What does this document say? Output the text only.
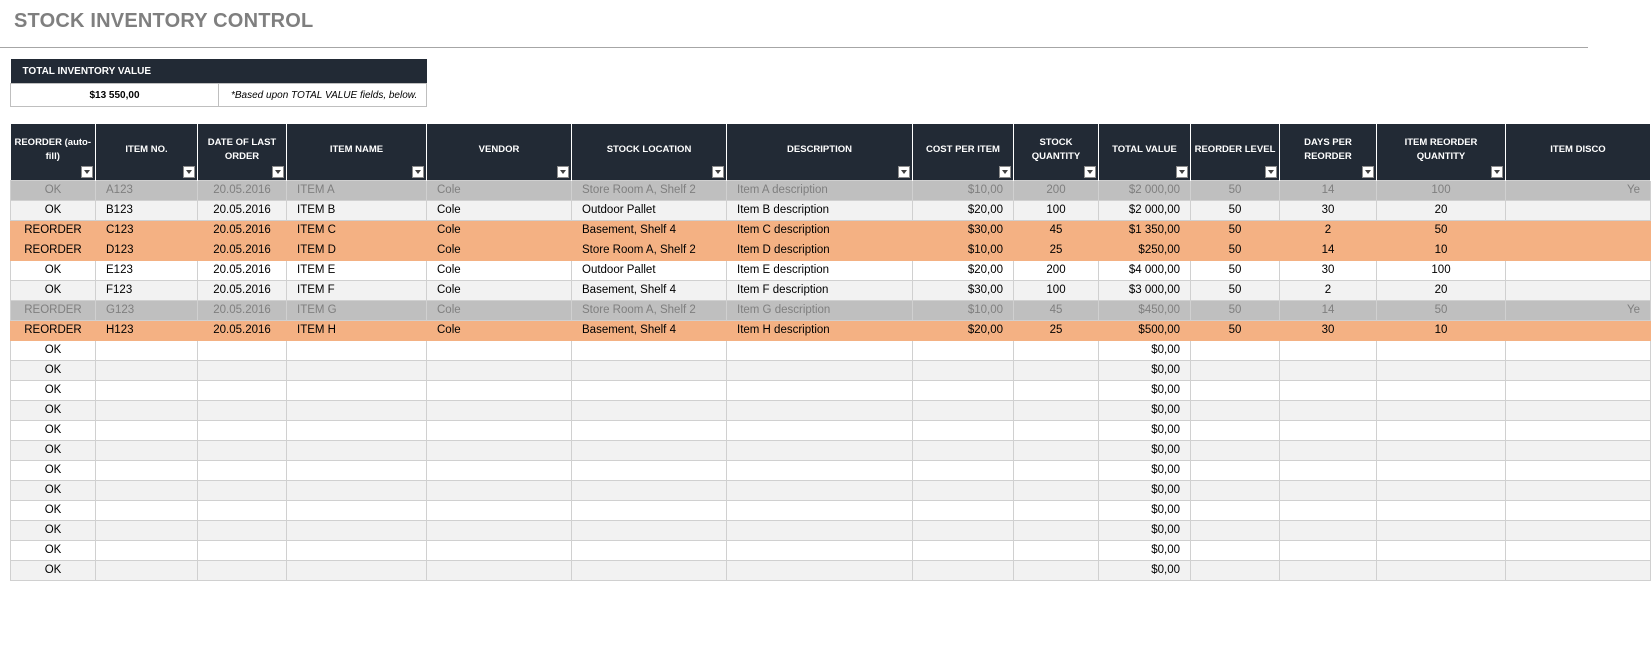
STOCK INVENTORY CONTROL
TOTAL INVENTORY VALUE
$13 550,00	*Based upon TOTAL VALUE fields, below.
REORDER (auto-fill)	ITEM NO.	DATE OF LAST ORDER	ITEM NAME	VENDOR	STOCK LOCATION	DESCRIPTION	COST PER ITEM	STOCK QUANTITY	TOTAL VALUE	REORDER LEVEL	DAYS PER REORDER	ITEM REORDER QUANTITY	ITEM DISCO

OK	A123	20.05.2016	ITEM A	Cole	Store Room A, Shelf 2	Item A description	$10,00	200	$2 000,00	50	14	100	Ye
OK	B123	20.05.2016	ITEM B	Cole	Outdoor Pallet	Item B description	$20,00	100	$2 000,00	50	30	20	
REORDER	C123	20.05.2016	ITEM C	Cole	Basement, Shelf 4	Item C description	$30,00	45	$1 350,00	50	2	50	
REORDER	D123	20.05.2016	ITEM D	Cole	Store Room A, Shelf 2	Item D description	$10,00	25	$250,00	50	14	10	
OK	E123	20.05.2016	ITEM E	Cole	Outdoor Pallet	Item E description	$20,00	200	$4 000,00	50	30	100	
OK	F123	20.05.2016	ITEM F	Cole	Basement, Shelf 4	Item F description	$30,00	100	$3 000,00	50	2	20	
REORDER	G123	20.05.2016	ITEM G	Cole	Store Room A, Shelf 2	Item G description	$10,00	45	$450,00	50	14	50	Ye
REORDER	H123	20.05.2016	ITEM H	Cole	Basement, Shelf 4	Item H description	$20,00	25	$500,00	50	30	10	
OK									$0,00				
OK									$0,00				
OK									$0,00				
OK									$0,00				
OK									$0,00				
OK									$0,00				
OK									$0,00				
OK									$0,00				
OK									$0,00				
OK									$0,00				
OK									$0,00				
OK									$0,00				
